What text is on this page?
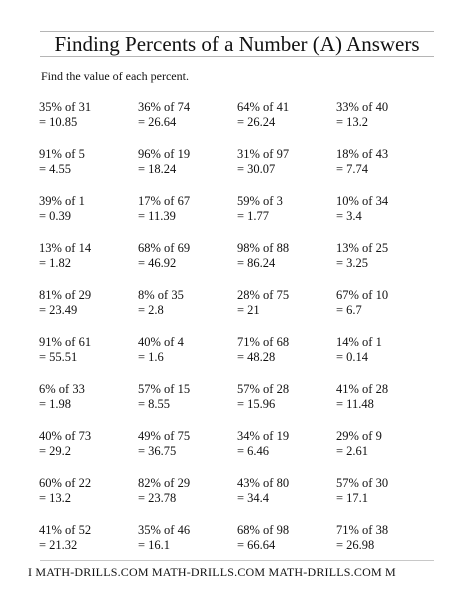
Finding Percents of a Number (A) Answers
Find the value of each percent.
35% of 31
= 10.85
36% of 74
= 26.64
64% of 41
= 26.24
33% of 40
= 13.2
91% of 5
= 4.55
96% of 19
= 18.24
31% of 97
= 30.07
18% of 43
= 7.74
39% of 1
= 0.39
17% of 67
= 11.39
59% of 3
= 1.77
10% of 34
= 3.4
13% of 14
= 1.82
68% of 69
= 46.92
98% of 88
= 86.24
13% of 25
= 3.25
81% of 29
= 23.49
8% of 35
= 2.8
28% of 75
= 21
67% of 10
= 6.7
91% of 61
= 55.51
40% of 4
= 1.6
71% of 68
= 48.28
14% of 1
= 0.14
6% of 33
= 1.98
57% of 15
= 8.55
57% of 28
= 15.96
41% of 28
= 11.48
40% of 73
= 29.2
49% of 75
= 36.75
34% of 19
= 6.46
29% of 9
= 2.61
60% of 22
= 13.2
82% of 29
= 23.78
43% of 80
= 34.4
57% of 30
= 17.1
41% of 52
= 21.32
35% of 46
= 16.1
68% of 98
= 66.64
71% of 38
= 26.98
I MATH-DRILLS.COM MATH-DRILLS.COM MATH-DRILLS.COM M
